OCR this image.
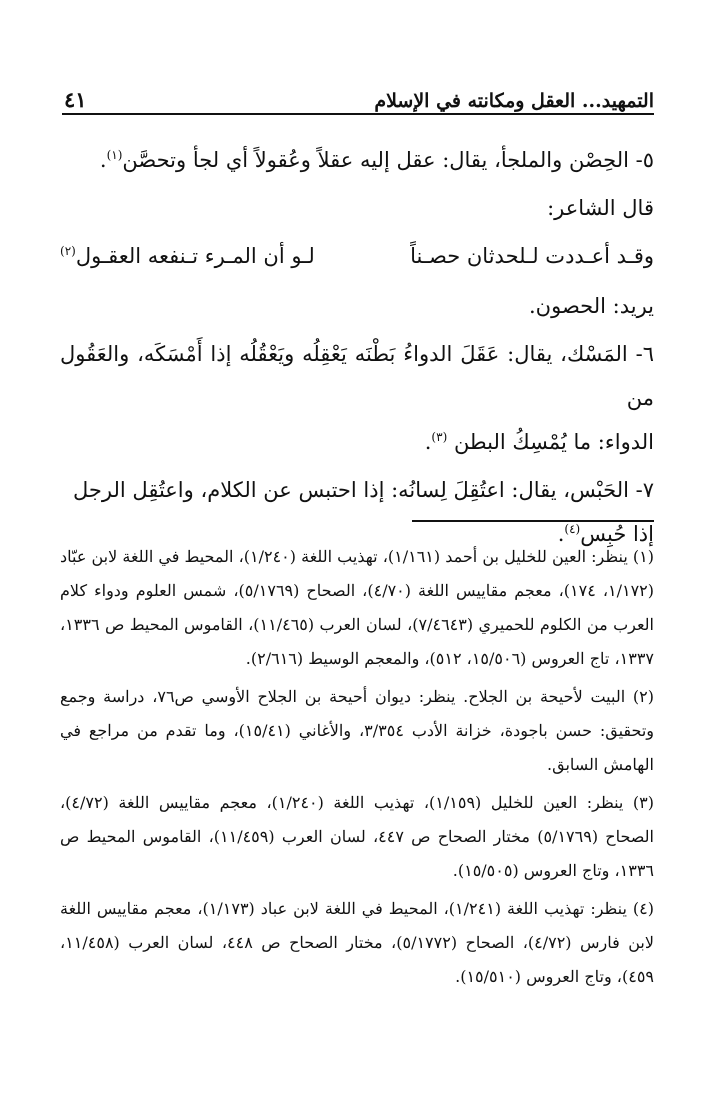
٤١	التمهيد... العقل ومكانته في الإسلام

٥- الحِصْن والملجأ، يقال: عقل إليه عقلاً وعُقولاً أي لجأ وتحصَّن$^{(١)}$.

قال الشاعر:

وقـد أعـددت لـلحدثان حصـناً
لـو أن المـرء تـنفعه العقـول$^{(٢)}$

يريد: الحصون.

٦- المَسْك، يقال: عَقَلَ الدواءُ بَطْنَه يَعْقِلُه ويَعْقُلُه إذا أَمْسَكَه، والعَقُول من

الدواء: ما يُمْسِكُ البطن $^{(٣)}$.

٧- الحَبْس، يقال: اعتُقِلَ لِسانُه: إذا احتبس عن الكلام، واعتُقِل الرجل

إذا حُبِس$^{(٤)}$.

(١) ينظر: العين للخليل بن أحمد (١/١٦١)، تهذيب اللغة (١/٢٤٠)، المحيط في اللغة لابن عبّاد (١/١٧٢، ١٧٤)، معجم مقاييس اللغة (٤/٧٠)، الصحاح (٥/١٧٦٩)، شمس العلوم ودواء كلام العرب من الكلوم للحميري (٧/٤٦٤٣)، لسان العرب (١١/٤٦٥)، القاموس المحيط ص ١٣٣٦، ١٣٣٧، تاج العروس (١٥/٥٠٦، ٥١٢)، والمعجم الوسيط (٢/٦١٦).

(٢) البيت لأحيحة بن الجلاح. ينظر: ديوان أحيحة بن الجلاح الأوسي ص٧٦، دراسة وجمع وتحقيق: حسن باجودة، خزانة الأدب ٣/٣٥٤، والأغاني (١٥/٤١)، وما تقدم من مراجع في الهامش السابق.

(٣) ينظر: العين للخليل (١/١٥٩)، تهذيب اللغة (١/٢٤٠)، معجم مقاييس اللغة (٤/٧٢)، الصحاح (٥/١٧٦٩) مختار الصحاح ص ٤٤٧، لسان العرب (١١/٤٥٩)، القاموس المحيط ص ١٣٣٦، وتاج العروس (١٥/٥٠٥).

(٤) ينظر: تهذيب اللغة (١/٢٤١)، المحيط في اللغة لابن عباد (١/١٧٣)، معجم مقاييس اللغة لابن فارس (٤/٧٢)، الصحاح (٥/١٧٧٢)، مختار الصحاح ص ٤٤٨، لسان العرب (١١/٤٥٨، ٤٥٩)، وتاج العروس (١٥/٥١٠).
